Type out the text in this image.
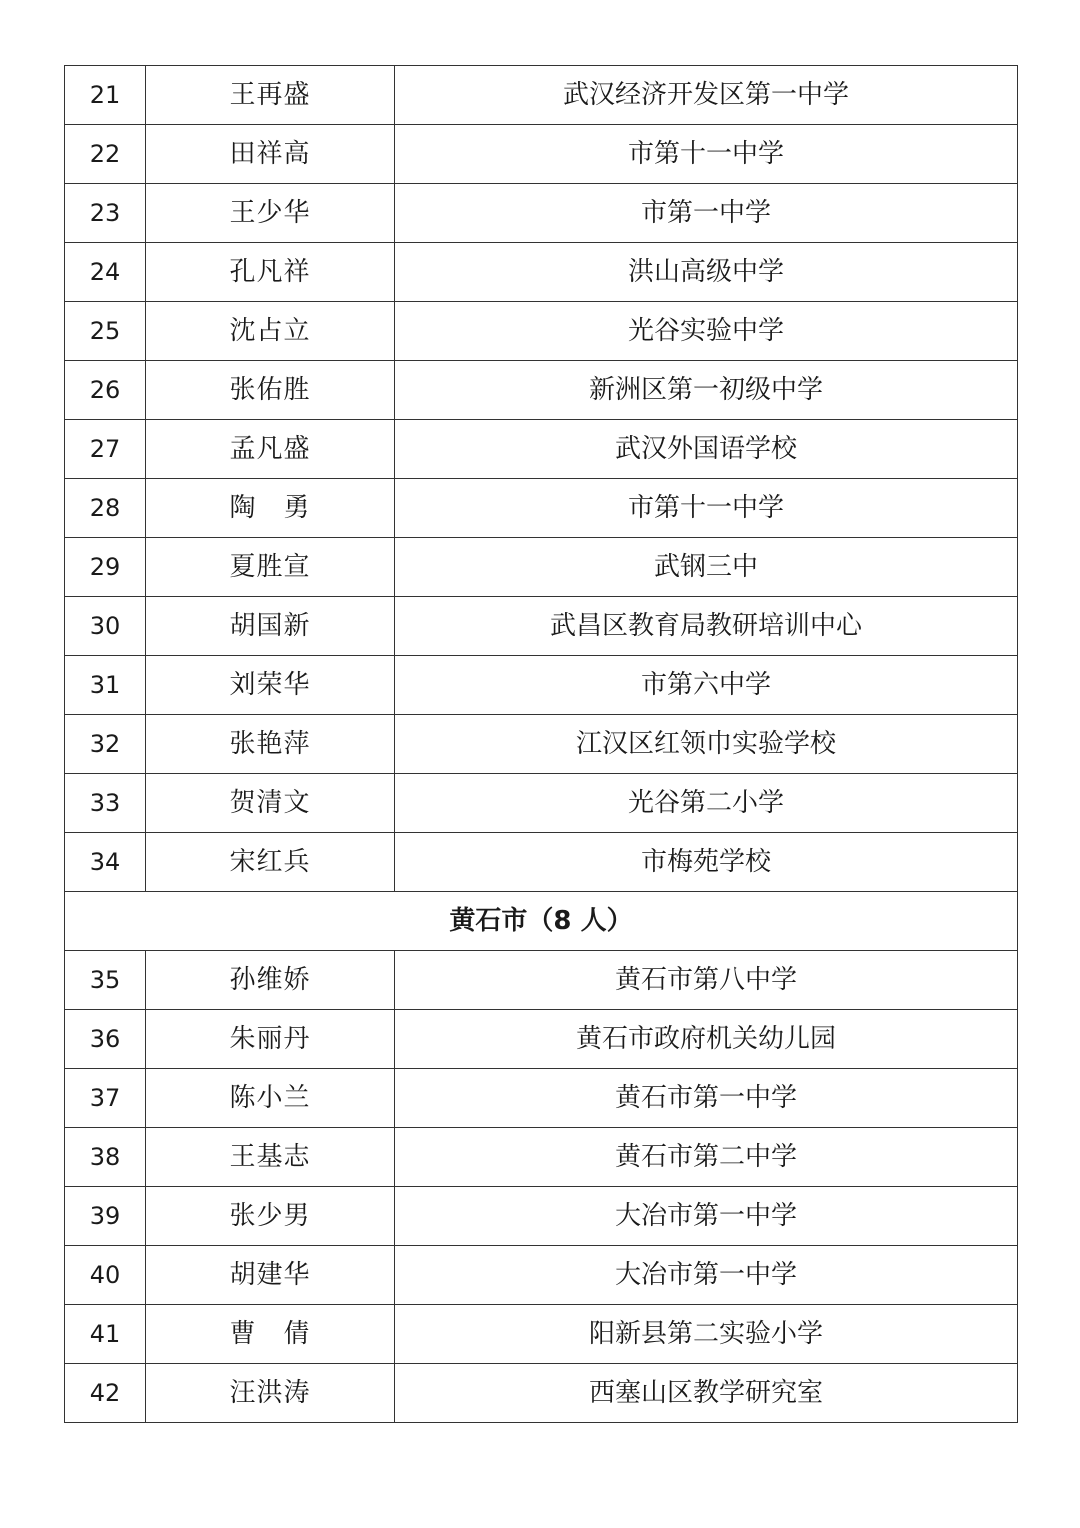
21	王再盛	武汉经济开发区第一中学
22	田祥高	市第十一中学
23	王少华	市第一中学
24	孔凡祥	洪山高级中学
25	沈占立	光谷实验中学
26	张佑胜	新洲区第一初级中学
27	孟凡盛	武汉外国语学校
28	陶　勇	市第十一中学
29	夏胜宣	武钢三中
30	胡国新	武昌区教育局教研培训中心
31	刘荣华	市第六中学
32	张艳萍	江汉区红领巾实验学校
33	贺清文	光谷第二小学
34	宋红兵	市梅苑学校
黄石市（8 人）		
35	孙维娇	黄石市第八中学
36	朱丽丹	黄石市政府机关幼儿园
37	陈小兰	黄石市第一中学
38	王基志	黄石市第二中学
39	张少男	大冶市第一中学
40	胡建华	大冶市第一中学
41	曹　倩	阳新县第二实验小学
42	汪洪涛	西塞山区教学研究室
